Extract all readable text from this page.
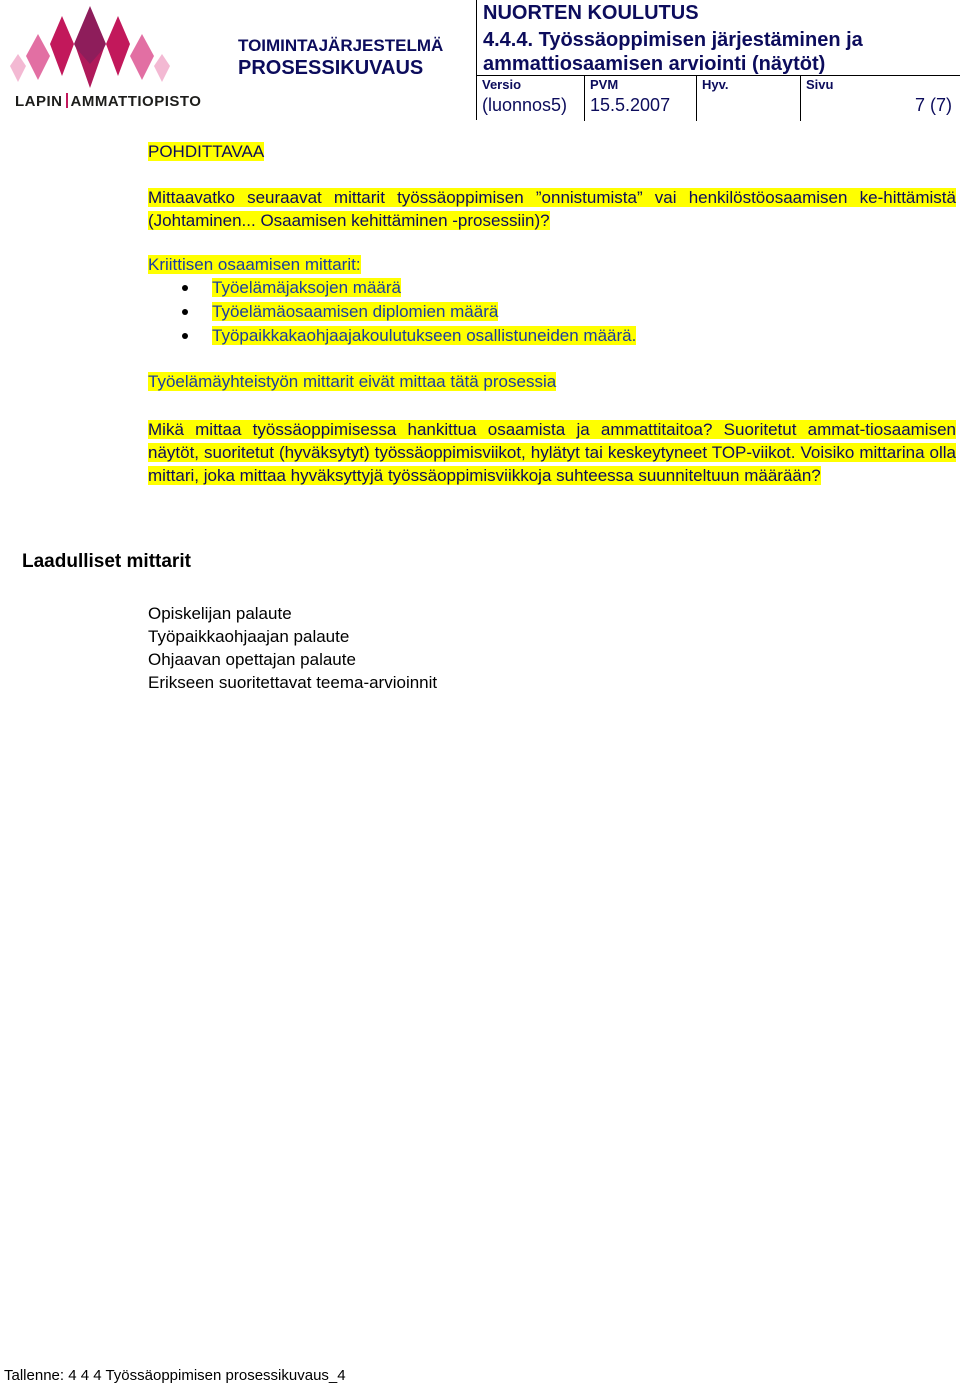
LAPIN AMMATTIOPISTO
TOIMINTAJÄRJESTELMÄ
PROSESSIKUVAUS
NUORTEN KOULUTUS
4.4.4. Työssäoppimisen järjestäminen ja ammattiosaamisen arviointi (näytöt)
Versio
(luonnos5)
PVM
15.5.2007
Hyv.	Sivu
7 (7)
POHDITTAVAA
Mittaavatko seuraavat mittarit työssäoppimisen ”onnistumista” vai henkilöstöosaamisen ke-hittämistä (Johtaminen... Osaamisen kehittäminen -prosessiin)?
Kriittisen osaamisen mittarit:
Työelämäjaksojen määrä
Työelämäosaamisen diplomien määrä
Työpaikkakaohjaajakoulutukseen osallistuneiden määrä.
Työelämäyhteistyön mittarit eivät mittaa tätä prosessia
Mikä mittaa työssäoppimisessa hankittua osaamista ja ammattitaitoa? Suoritetut ammat-tiosaamisen näytöt, suoritetut (hyväksytyt) työssäoppimisviikot, hylätyt tai keskeytyneet TOP-viikot. Voisiko mittarina olla mittari, joka mittaa hyväksyttyjä työssäoppimisviikkoja suhteessa suunniteltuun määrään?
Laadulliset mittarit
Opiskelijan palaute
Työpaikkaohjaajan palaute
Ohjaavan opettajan palaute
Erikseen suoritettavat teema-arvioinnit
Tallenne: 4 4 4 Työssäoppimisen prosessikuvaus_4
